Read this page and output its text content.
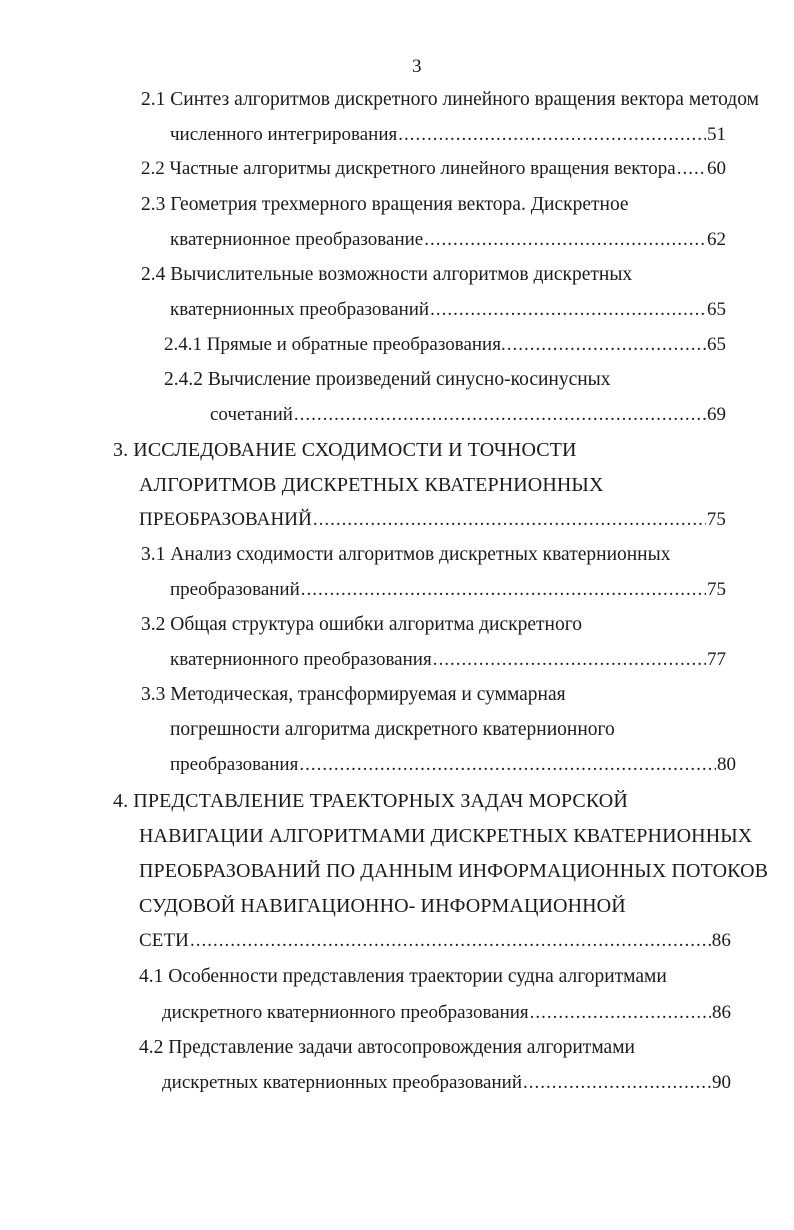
3
2.1 Синтез алгоритмов дискретного линейного вращения вектора методом
численного интегрирования .....	51
2.2 Частные алгоритмы дискретного линейного вращения вектора ..... 60
2.3 Геометрия трехмерного вращения вектора. Дискретное
кватернионное преобразование .....	62
2.4 Вычислительные возможности алгоритмов дискретных
кватернионных преобразований .....	65
2.4.1 Прямые и обратные преобразования. .....	65
2.4.2 Вычисление произведений синусно-косинусных
сочетаний .....	69
3. ИССЛЕДОВАНИЕ СХОДИМОСТИ И ТОЧНОСТИ
АЛГОРИТМОВ ДИСКРЕТНЫХ КВАТЕРНИОННЫХ
ПРЕОБРАЗОВАНИЙ .....	75
3.1 Анализ сходимости алгоритмов дискретных кватернионных
преобразований .....	75
3.2 Общая структура ошибки алгоритма дискретного
кватернионного преобразования .....	77
3.3 Методическая, трансформируемая и суммарная
погрешности алгоритма дискретного кватернионного
преобразования .....	80
4. ПРЕДСТАВЛЕНИЕ ТРАЕКТОРНЫХ ЗАДАЧ МОРСКОЙ
НАВИГАЦИИ АЛГОРИТМАМИ ДИСКРЕТНЫХ КВАТЕРНИОННЫХ
ПРЕОБРАЗОВАНИЙ ПО ДАННЫМ ИНФОРМАЦИОННЫХ ПОТОКОВ
СУДОВОЙ НАВИГАЦИОННО- ИНФОРМАЦИОННОЙ
СЕТИ .....	86
4.1 Особенности представления траектории судна алгоритмами
дискретного кватернионного преобразования .....	86
4.2 Представление задачи автосопровождения алгоритмами
дискретных кватернионных преобразований .....	90
